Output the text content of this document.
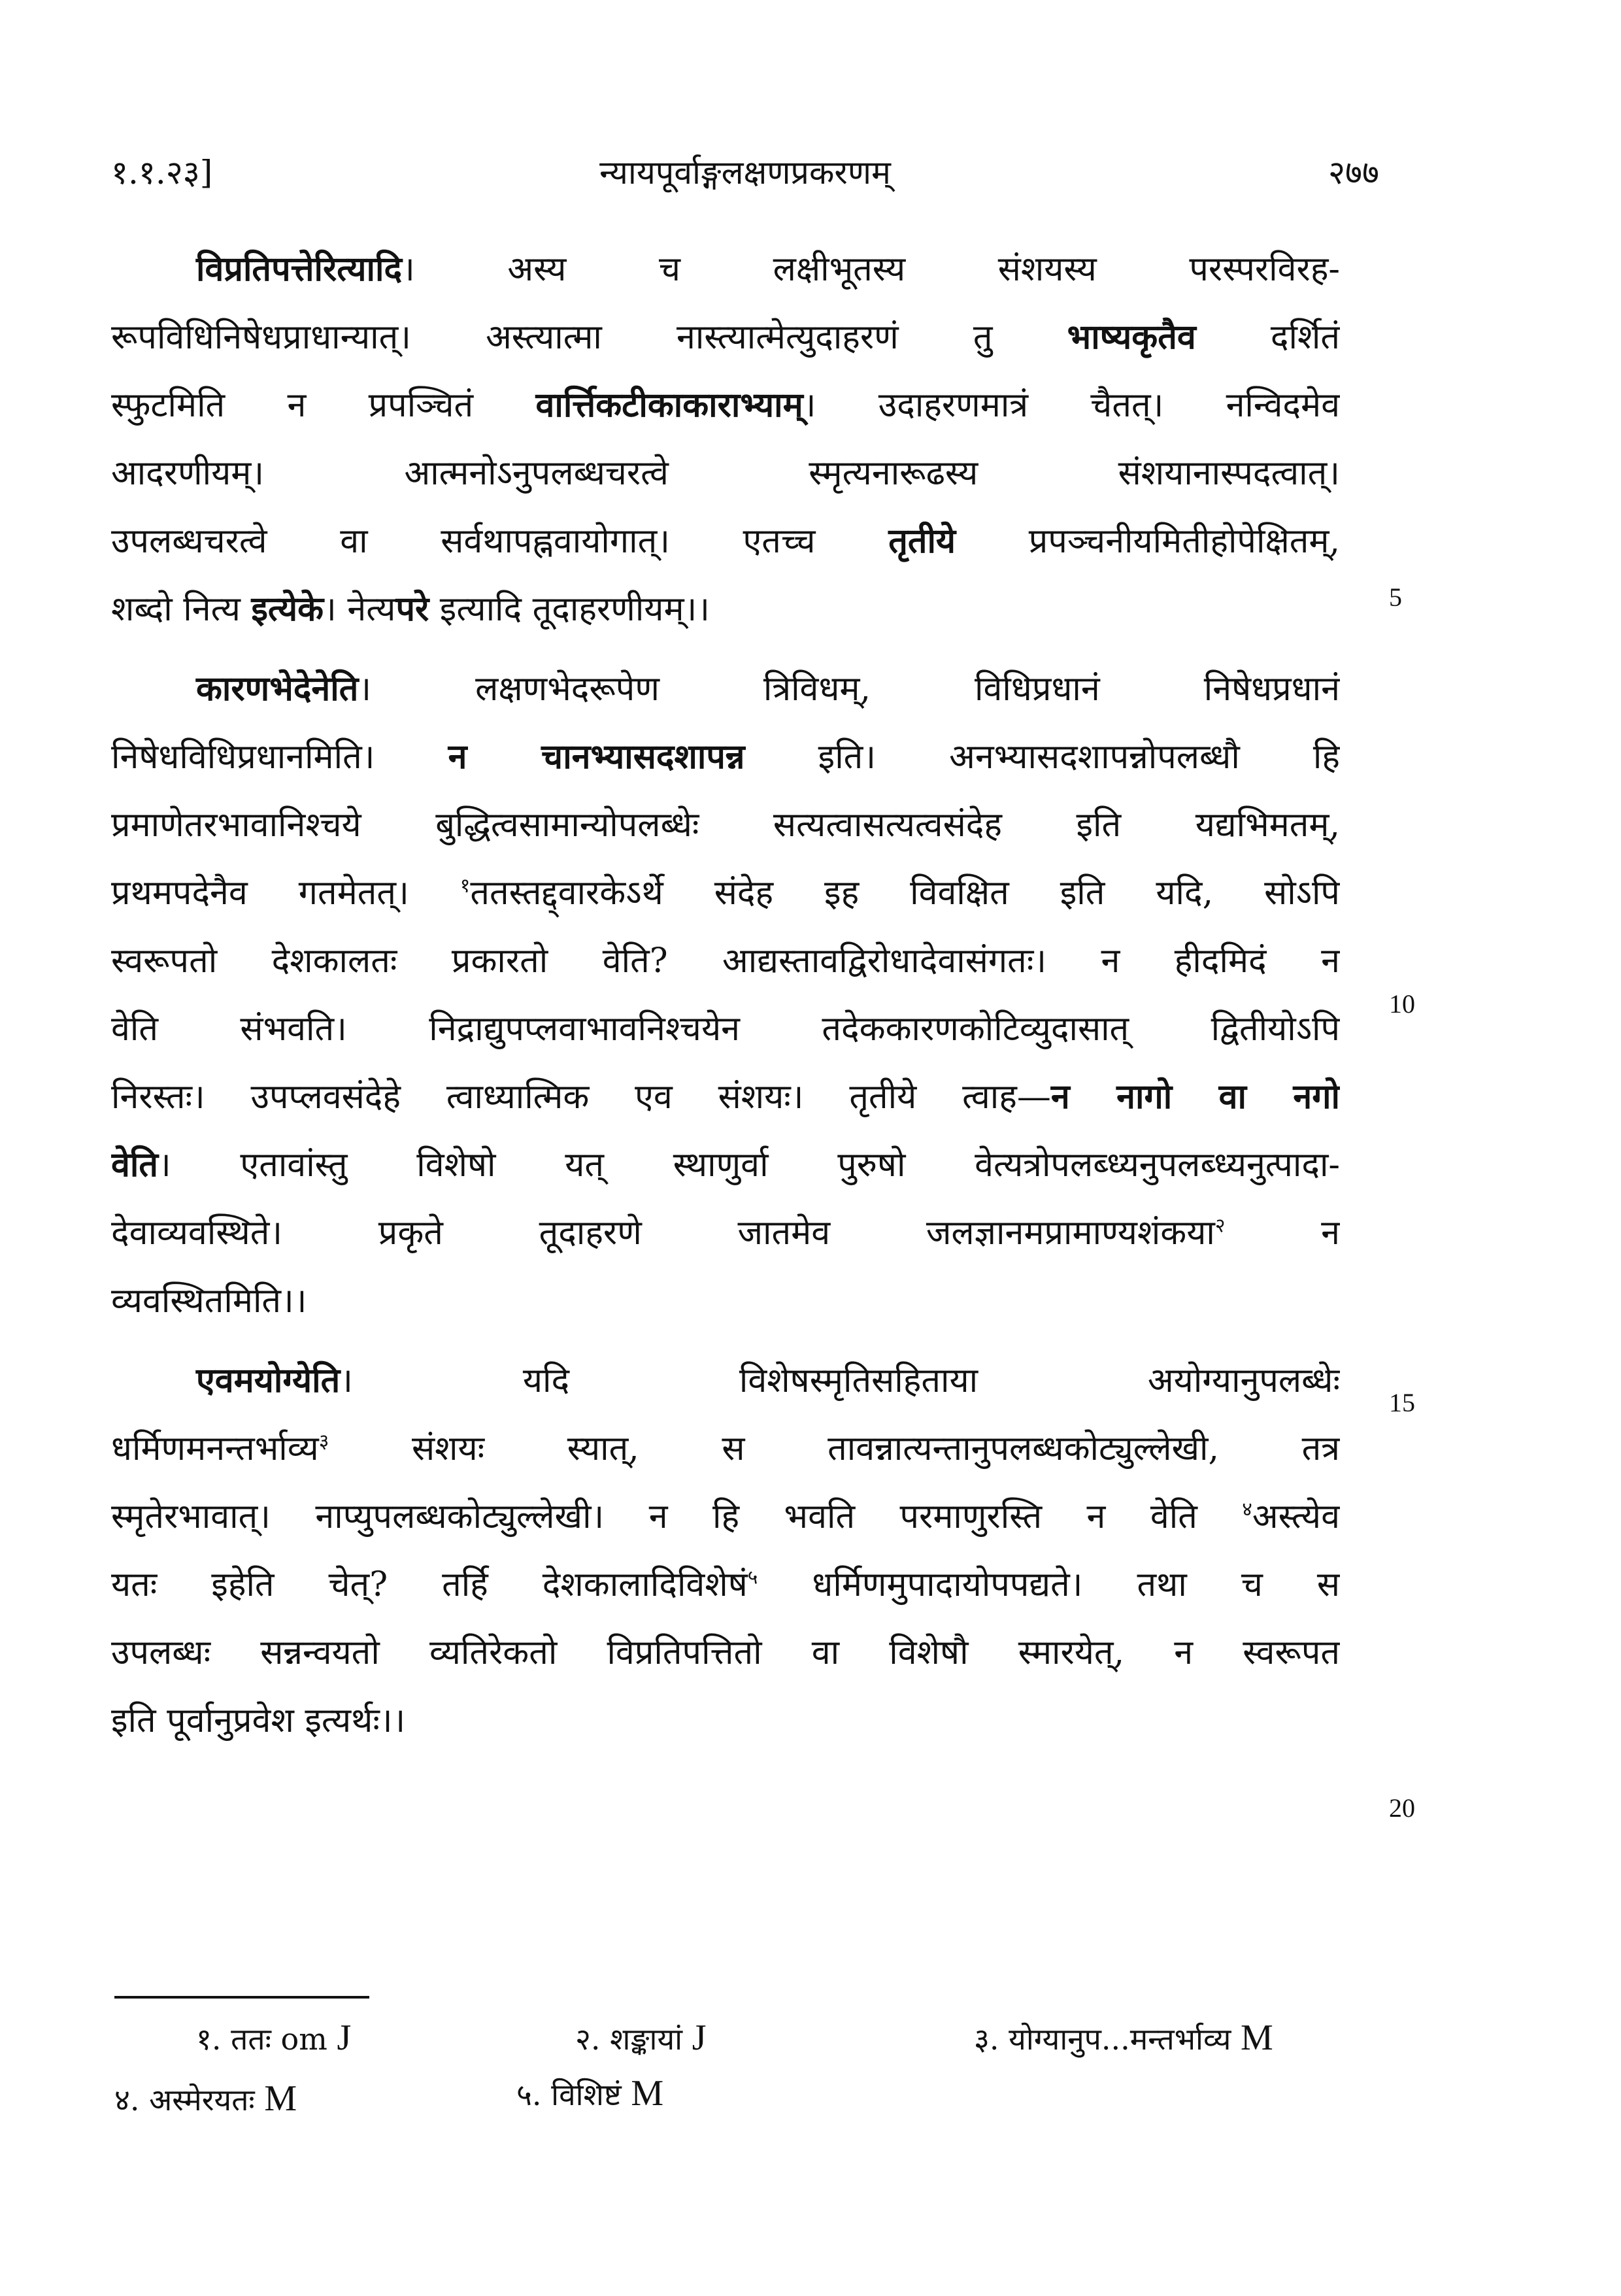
१.१.२३]	न्यायपूर्वाङ्गलक्षणप्रकरणम्	२७७
विप्रतिपत्तेरित्यादि। अस्य च लक्षीभूतस्य संशयस्य परस्परविरह-
रूपविधिनिषेधप्राधान्यात्। अस्त्यात्मा नास्त्यात्मेत्युदाहरणं तु भाष्यकृतैव दर्शितं
स्फुटमिति न प्रपञ्चितं वार्त्तिकटीकाकाराभ्याम्। उदाहरणमात्रं चैतत्। नन्विदमेव
आदरणीयम्। आत्मनोऽनुपलब्धचरत्वे स्मृत्यनारूढस्य संशयानास्पदत्वात्।
उपलब्धचरत्वे वा सर्वथापह्नवायोगात्। एतच्च तृतीये प्रपञ्चनीयमितीहोपेक्षितम्,
शब्दो नित्य इत्येके। नेत्यपरे इत्यादि तूदाहरणीयम्।।
कारणभेदेनेति। लक्षणभेदरूपेण त्रिविधम्, विधिप्रधानं निषेधप्रधानं
निषेधविधिप्रधानमिति। न चानभ्यासदशापन्न इति। अनभ्यासदशापन्नोपलब्धौ हि
प्रमाणेतरभावानिश्चये बुद्धित्वसामान्योपलब्धेः सत्यत्वासत्यत्वसंदेह इति यद्यभिमतम्,
प्रथमपदेनैव गतमेतत्। $^१$ततस्तद्द्वारकेऽर्थे संदेह इह विवक्षित इति यदि, सोऽपि
स्वरूपतो देशकालतः प्रकारतो वेति? आद्यस्तावद्विरोधादेवासंगतः। न हीदमिदं न
वेति संभवति। निद्राद्युपप्लवाभावनिश्चयेन तदेककारणकोटिव्युदासात् द्वितीयोऽपि
निरस्तः। उपप्लवसंदेहे त्वाध्यात्मिक एव संशयः। तृतीये त्वाह—न नागो वा नगो
वेति। एतावांस्तु विशेषो यत् स्थाणुर्वा पुरुषो वेत्यत्रोपलब्ध्यनुपलब्ध्यनुत्पादा-
देवाव्यवस्थिते। प्रकृते तूदाहरणे जातमेव जलज्ञानमप्रामाण्यशंकया$^२$ न
व्यवस्थितमिति।।
एवमयोग्येति। यदि विशेषस्मृतिसहिताया अयोग्यानुपलब्धेः
धर्मिणमनन्तर्भाव्य$^३$ संशयः स्यात्, स तावन्नात्यन्तानुपलब्धकोट्युल्लेखी, तत्र
स्मृतेरभावात्। नाप्युपलब्धकोट्युल्लेखी। न हि भवति परमाणुरस्ति न वेति $^४$अस्त्येव
यतः इहेति चेत्? तर्हि देशकालादिविशेषं$^५$ धर्मिणमुपादायोपपद्यते। तथा च स
उपलब्धः सन्नन्वयतो व्यतिरेकतो विप्रतिपत्तितो वा विशेषौ स्मारयेत्, न स्वरूपत
इति पूर्वानुप्रवेश इत्यर्थः।।
5
10
15
20
१. ततः om J	२. शङ्कायां J	३. योग्यानुप...मन्तर्भाव्य M
४. अस्मेरयतः M	५. विशिष्टं M
